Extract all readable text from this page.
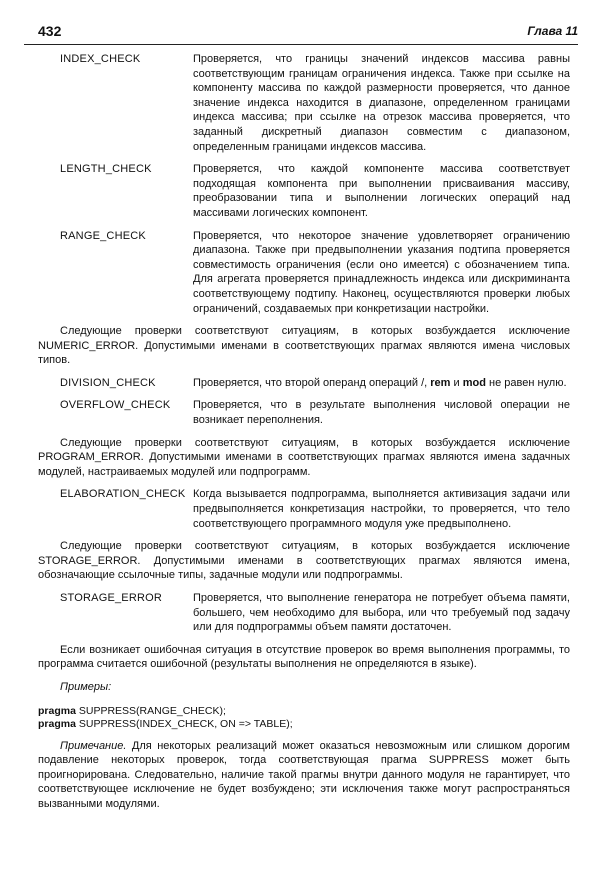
432	Глава 11
INDEX_CHECK	Проверяется, что границы значений индексов массива равны соответствующим границам ограничения индекса. Также при ссылке на компоненту массива по каждой размерности проверяется, что данное значение индекса находится в диапазоне, определенном границами индекса массива; при ссылке на отрезок массива проверяется, что заданный дискретный диапазон совместим с диапазоном, определенным границами индексов массива.
LENGTH_CHECK	Проверяется, что каждой компоненте массива соответствует подходящая компонента при выполнении присваивания массиву, преобразовании типа и выполнении логических операций над массивами логических компонент.
RANGE_CHECK	Проверяется, что некоторое значение удовлетворяет ограничению диапазона. Также при предвыполнении указания подтипа проверяется совместимость ограничения (если оно имеется) с обозначением типа. Для агрегата проверяется принадлежность индекса или дискриминанта соответствующему подтипу. Наконец, осуществляются проверки любых ограничений, создаваемых при конкретизации настройки.

Следующие проверки соответствуют ситуациям, в которых возбуждается исключение NUMERIC_ERROR. Допустимыми именами в соответствующих прагмах являются имена числовых типов.

DIVISION_CHECK	Проверяется, что второй операнд операций /, rem и mod не равен нулю.
OVERFLOW_CHECK	Проверяется, что в результате выполнения числовой операции не возникает переполнения.

Следующие проверки соответствуют ситуациям, в которых возбуждается исключение PROGRAM_ERROR. Допустимыми именами в соответствующих прагмах являются имена задачных модулей, настраиваемых модулей или подпрограмм.

ELABORATION_CHECK Когда вызывается подпрограмма, выполняется активизация задачи или предвыполняется конкретизация настройки, то проверяется, что тело соответствующего программного модуля уже предвыполнено.

Следующие проверки соответствуют ситуациям, в которых возбуждается исключение STORAGE_ERROR. Допустимыми именами в соответствующих прагмах являются имена, обозначающие ссылочные типы, задачные модули или подпрограммы.

STORAGE_ERROR	Проверяется, что выполнение генератора не потребует объема памяти, большего, чем необходимо для выбора, или что требуемый под задачу или для подпрограммы объем памяти достаточен.

Если возникает ошибочная ситуация в отсутствие проверок во время выполнения программы, то программа считается ошибочной (результаты выполнения не определяются в языке).

Примеры:
pragma SUPPRESS(RANGE_CHECK);
pragma SUPPRESS(INDEX_CHECK, ON => TABLE);

Примечание. Для некоторых реализаций может оказаться невозможным или слишком дорогим подавление некоторых проверок, тогда соответствующая прагма SUPPRESS может быть проигнорирована. Следовательно, наличие такой прагмы внутри данного модуля не гарантирует, что соответствующее исключение не будет возбуждено; эти исключения также могут распространяться вызванными модулями.
